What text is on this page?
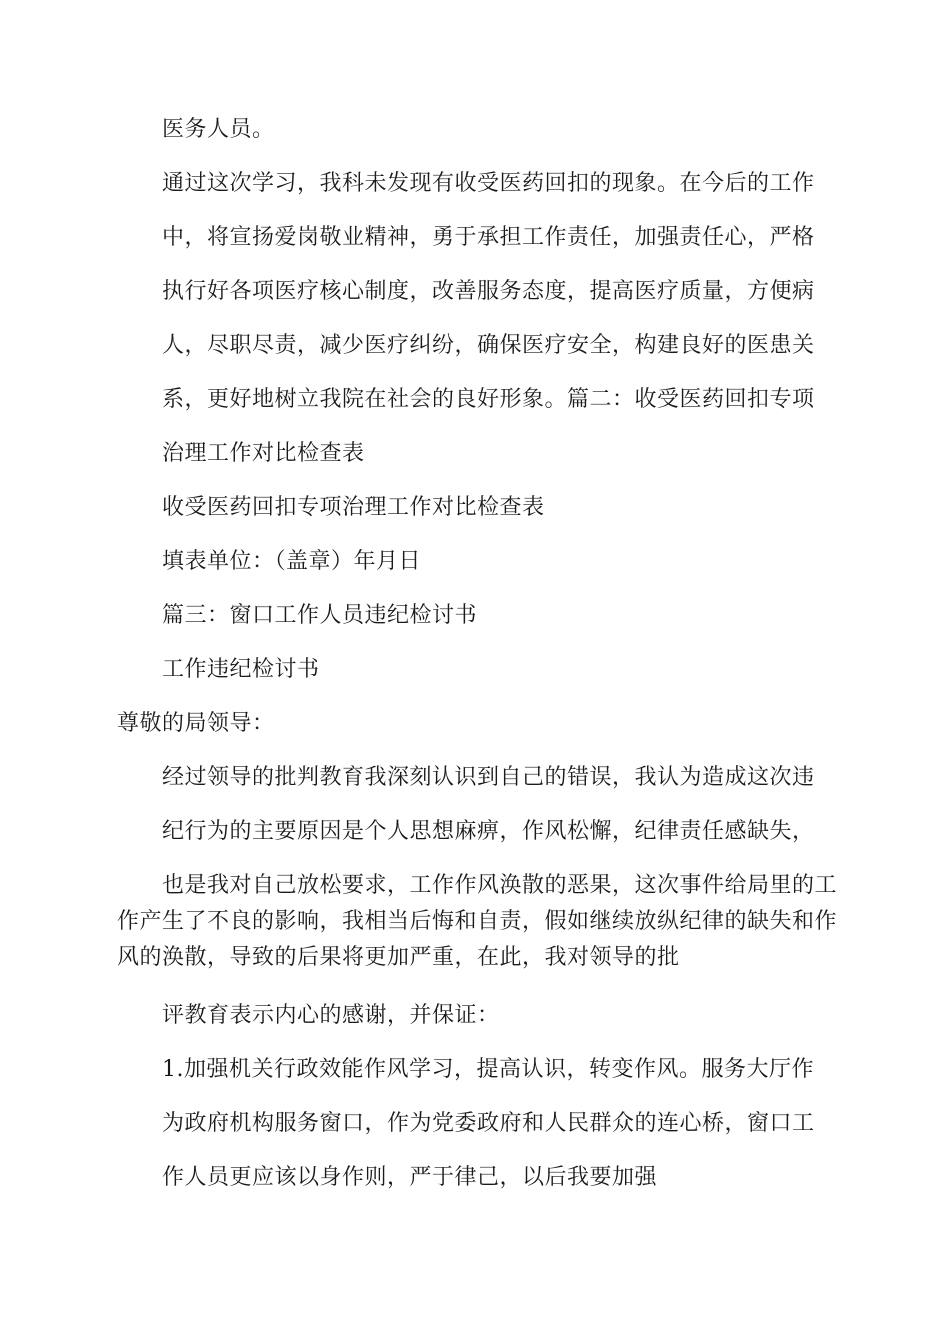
医务人员。
通过这次学习，我科未发现有收受医药回扣的现象。在今后的工作
中，将宣扬爱岗敬业精神，勇于承担工作责任，加强责任心，严格
执行好各项医疗核心制度，改善服务态度，提高医疗质量，方便病
人，尽职尽责，减少医疗纠纷，确保医疗安全，构建良好的医患关
系，更好地树立我院在社会的良好形象。篇二：收受医药回扣专项
治理工作对比检查表
收受医药回扣专项治理工作对比检查表
填表单位：（盖章）年月日
篇三：窗口工作人员违纪检讨书
工作违纪检讨书
尊敬的局领导：
经过领导的批判教育我深刻认识到自己的错误，我认为造成这次违
纪行为的主要原因是个人思想麻痹，作风松懈，纪律责任感缺失，
也是我对自己放松要求，工作作风涣散的恶果，这次事件给局里的工
作产生了不良的影响，我相当后悔和自责，假如继续放纵纪律的缺失和作
风的涣散，导致的后果将更加严重，在此，我对领导的批
评教育表示内心的感谢，并保证：
1.加强机关行政效能作风学习，提高认识，转变作风。服务大厅作
为政府机构服务窗口，作为党委政府和人民群众的连心桥，窗口工
作人员更应该以身作则，严于律己，以后我要加强
